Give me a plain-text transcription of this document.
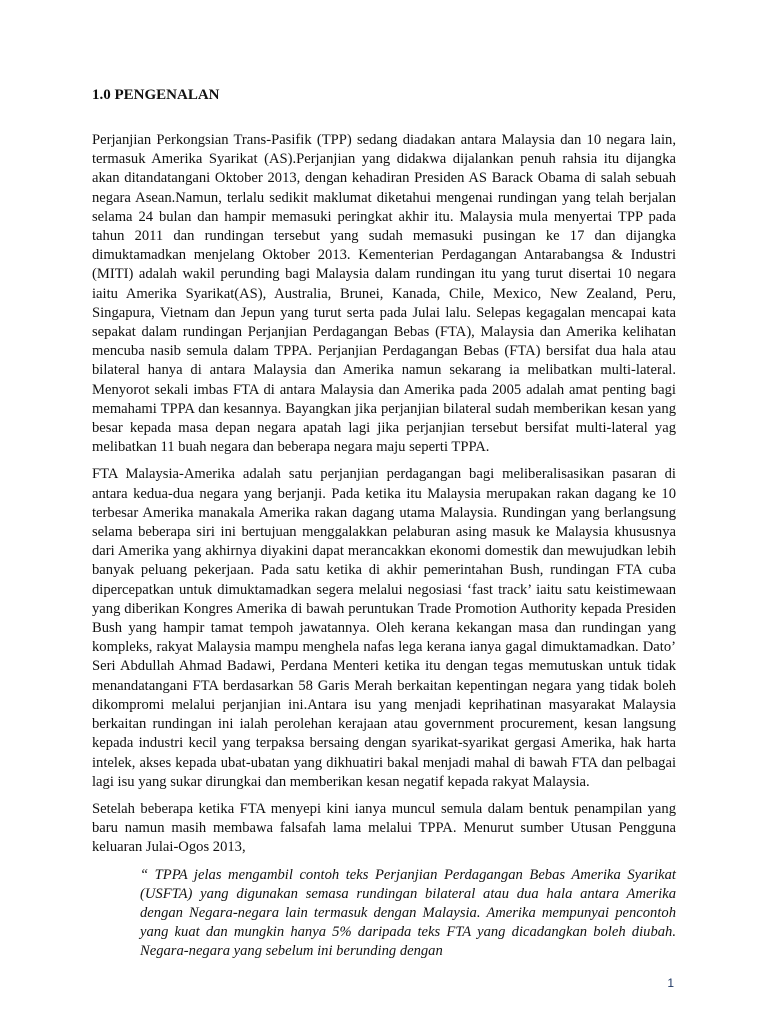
1.0 PENGENALAN

Perjanjian Perkongsian Trans-Pasifik (TPP) sedang diadakan antara Malaysia dan 10 negara lain, termasuk Amerika Syarikat (AS).Perjanjian yang didakwa dijalankan penuh rahsia itu dijangka akan ditandatangani Oktober 2013, dengan kehadiran Presiden AS Barack Obama di salah sebuah negara Asean.Namun, terlalu sedikit maklumat diketahui mengenai rundingan yang telah berjalan selama 24 bulan dan hampir memasuki peringkat akhir itu. Malaysia mula menyertai TPP pada tahun 2011 dan rundingan tersebut yang sudah memasuki pusingan ke 17 dan dijangka dimuktamadkan menjelang Oktober 2013. Kementerian Perdagangan Antarabangsa & Industri (MITI) adalah wakil perunding bagi Malaysia dalam rundingan itu yang turut disertai 10 negara iaitu Amerika Syarikat(AS), Australia, Brunei, Kanada, Chile, Mexico, New Zealand, Peru, Singapura, Vietnam dan Jepun yang turut serta pada Julai lalu. Selepas kegagalan mencapai kata sepakat dalam rundingan Perjanjian Perdagangan Bebas (FTA), Malaysia dan Amerika kelihatan mencuba nasib semula dalam TPPA. Perjanjian Perdagangan Bebas (FTA) bersifat dua hala atau bilateral hanya di antara Malaysia dan Amerika namun sekarang ia melibatkan multi-lateral. Menyorot sekali imbas FTA di antara Malaysia dan Amerika pada 2005 adalah amat penting bagi memahami TPPA dan kesannya. Bayangkan jika perjanjian bilateral sudah memberikan kesan yang besar kepada masa depan negara apatah lagi jika perjanjian tersebut bersifat multi-lateral yag melibatkan 11 buah negara dan beberapa negara maju seperti TPPA.

FTA Malaysia-Amerika adalah satu perjanjian perdagangan bagi meliberalisasikan pasaran di antara kedua-dua negara yang berjanji. Pada ketika itu Malaysia merupakan rakan dagang ke 10 terbesar Amerika manakala Amerika rakan dagang utama Malaysia. Rundingan yang berlangsung selama beberapa siri ini bertujuan menggalakkan pelaburan asing masuk ke Malaysia khususnya dari Amerika yang akhirnya diyakini dapat merancakkan ekonomi domestik dan mewujudkan lebih banyak peluang pekerjaan. Pada satu ketika di akhir pemerintahan Bush, rundingan FTA cuba dipercepatkan untuk dimuktamadkan segera melalui negosiasi ‘fast track’ iaitu satu keistimewaan yang diberikan Kongres Amerika di bawah peruntukan Trade Promotion Authority kepada Presiden Bush yang hampir tamat tempoh jawatannya. Oleh kerana kekangan masa dan rundingan yang kompleks, rakyat Malaysia mampu menghela nafas lega kerana ianya gagal dimuktamadkan. Dato’ Seri Abdullah Ahmad Badawi, Perdana Menteri ketika itu dengan tegas memutuskan untuk tidak menandatangani FTA berdasarkan 58 Garis Merah berkaitan kepentingan negara yang tidak boleh dikompromi melalui perjanjian ini.Antara isu yang menjadi keprihatinan masyarakat Malaysia berkaitan rundingan ini ialah perolehan kerajaan atau government procurement, kesan langsung kepada industri kecil yang terpaksa bersaing dengan syarikat-syarikat gergasi Amerika, hak harta intelek, akses kepada ubat-ubatan yang dikhuatiri bakal menjadi mahal di bawah FTA dan pelbagai lagi isu yang sukar dirungkai dan memberikan kesan negatif kepada rakyat Malaysia.

Setelah beberapa ketika FTA menyepi kini ianya muncul semula dalam bentuk penampilan yang baru namun masih membawa falsafah lama melalui TPPA. Menurut sumber Utusan Pengguna keluaran Julai-Ogos 2013,

“ TPPA jelas mengambil contoh teks Perjanjian Perdagangan Bebas Amerika Syarikat (USFTA) yang digunakan semasa rundingan bilateral atau dua hala antara Amerika dengan Negara-negara lain termasuk dengan Malaysia. Amerika mempunyai pencontoh yang kuat dan mungkin hanya 5% daripada teks FTA yang dicadangkan boleh diubah. Negara-negara yang sebelum ini berunding dengan

1
